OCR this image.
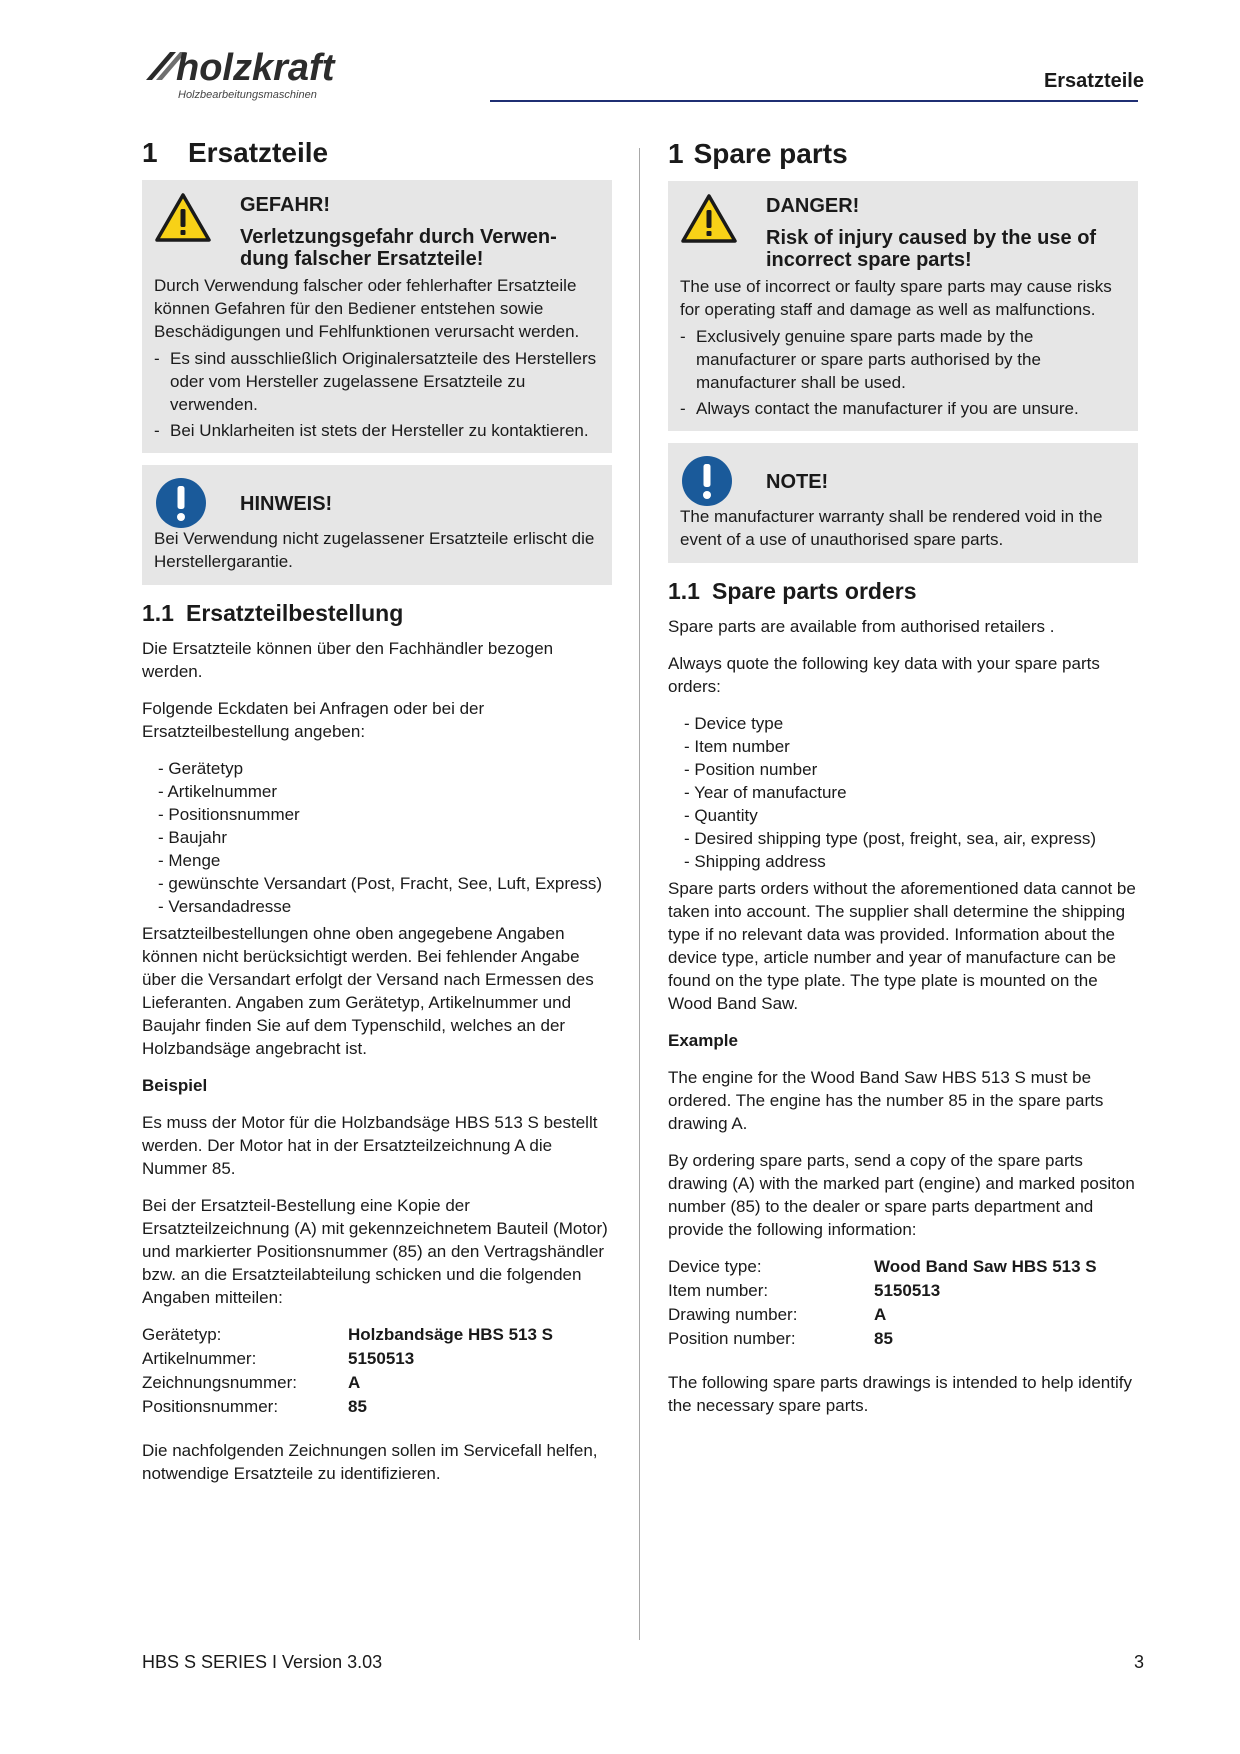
holzkraft
Holzbearbeitungsmaschinen
Ersatzteile
1 Ersatzteile
GEFAHR!
Verletzungsgefahr durch Verwen-dung falscher Ersatzteile!

Durch Verwendung falscher oder fehlerhafter Ersatzteile können Gefahren für den Bediener entstehen sowie Beschädigungen und Fehlfunktionen verursacht werden.

- Es sind ausschließlich Originalersatzteile des Herstellers oder vom Hersteller zugelassene Ersatzteile zu verwenden.
- Bei Unklarheiten ist stets der Hersteller zu kontaktieren.
HINWEIS!

Bei Verwendung nicht zugelassener Ersatzteile erlischt die Herstellergarantie.

1.1 Ersatzteilbestellung

Die Ersatzteile können über den Fachhändler bezogen werden.

Folgende Eckdaten bei Anfragen oder bei der Ersatzteilbestellung angeben:

- Gerätetyp
- Artikelnummer
- Positionsnummer
- Baujahr
- Menge
- gewünschte Versandart (Post, Fracht, See, Luft, Express)
- Versandadresse

Ersatzteilbestellungen ohne oben angegebene Angaben können nicht berücksichtigt werden. Bei fehlender Angabe über die Versandart erfolgt der Versand nach Ermessen des Lieferanten. Angaben zum Gerätetyp, Artikelnummer und Baujahr finden Sie auf dem Typenschild, welches an der Holzbandsäge angebracht ist.

Beispiel

Es muss der Motor für die Holzbandsäge HBS 513 S bestellt werden. Der Motor hat in der Ersatzteilzeichnung A die Nummer 85.

Bei der Ersatzteil-Bestellung eine Kopie der Ersatzteilzeichnung (A) mit gekennzeichnetem Bauteil (Motor) und markierter Positionsnummer (85) an den Vertragshändler bzw. an die Ersatzteilabteilung schicken und die folgenden Angaben mitteilen:

Gerätetyp:	Holzbandsäge HBS 513 S
Artikelnummer:	5150513
Zeichnungsnummer:	A
Positionsnummer:	85

Die nachfolgenden Zeichnungen sollen im Servicefall helfen, notwendige Ersatzteile zu identifizieren.

1 Spare parts
DANGER!
Risk of injury caused by the use of incorrect spare parts!

The use of incorrect or faulty spare parts may cause risks for operating staff and damage as well as malfunctions.

- Exclusively genuine spare parts made by the manufacturer or spare parts authorised by the manufacturer shall be used.
- Always contact the manufacturer if you are unsure.
NOTE!

The manufacturer warranty shall be rendered void in the event of a use of unauthorised spare parts.

1.1 Spare parts orders

Spare parts are available from authorised retailers .

Always quote the following key data with your spare parts orders:

- Device type
- Item number
- Position number
- Year of manufacture
- Quantity
- Desired shipping type (post, freight, sea, air, express)
- Shipping address

Spare parts orders without the aforementioned data cannot be taken into account. The supplier shall determine the shipping type if no relevant data was provided. Information about the device type, article number and year of manufacture can be found on the type plate. The type plate is mounted on the Wood Band Saw.

Example

The engine for the Wood Band Saw HBS 513 S must be ordered. The engine has the number 85 in the spare parts drawing A.

By ordering spare parts, send a copy of the spare parts drawing (A) with the marked part (engine) and marked positon number (85) to the dealer or spare parts department and provide the following information:

Device type:	Wood Band Saw HBS 513 S
Item number:	5150513
Drawing number:	A
Position number:	85

The following spare parts drawings is intended to help identify the necessary spare parts.

HBS S SERIES I Version 3.03	3
